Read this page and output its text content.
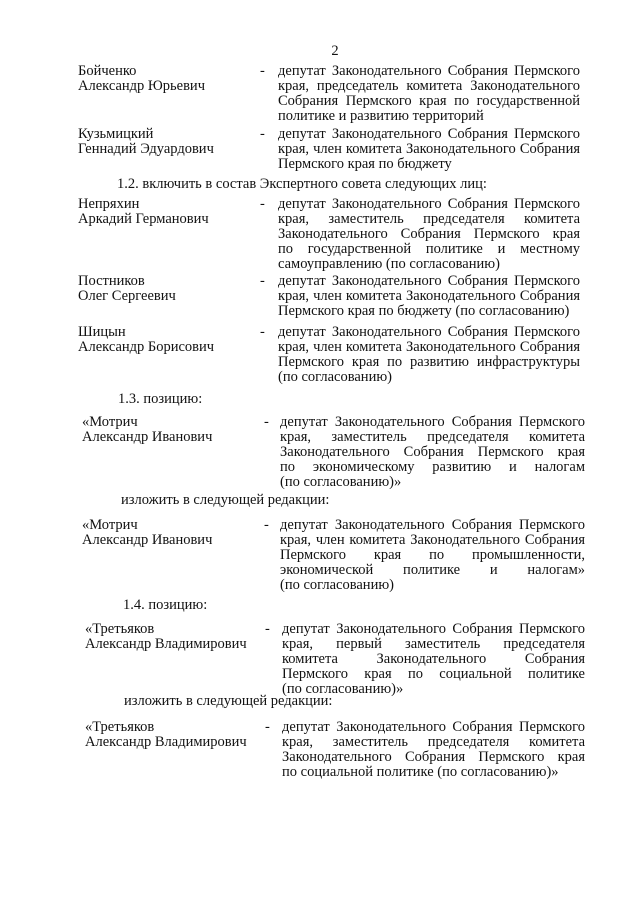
2
Бойченко
Александр Юрьевич
- депутат Законодательного Собрания Пермского
края, председатель комитета Законодательного
Собрания Пермского края по государственной
политике и развитию территорий
Кузьмицкий
Геннадий Эдуардович
- депутат Законодательного Собрания Пермского
края, член комитета Законодательного Собрания
Пермского края по бюджету
1.2. включить в состав Экспертного совета следующих лиц:
Непряхин
Аркадий Германович
- депутат Законодательного Собрания Пермского
края, заместитель председателя комитета
Законодательного Собрания Пермского края
по государственной политике и местному
самоуправлению (по согласованию)
Постников
Олег Сергеевич
- депутат Законодательного Собрания Пермского
края, член комитета Законодательного Собрания
Пермского края по бюджету (по согласованию)
Шицын
Александр Борисович
- депутат Законодательного Собрания Пермского
края, член комитета Законодательного Собрания
Пермского края по развитию инфраструктуры
(по согласованию)
1.3. позицию:
«Мотрич
Александр Иванович
- депутат Законодательного Собрания Пермского
края, заместитель председателя комитета
Законодательного Собрания Пермского края
по экономическому развитию и налогам
(по согласованию)»
изложить в следующей редакции:
«Мотрич
Александр Иванович
- депутат Законодательного Собрания Пермского
края, член комитета Законодательного Собрания
Пермского края по промышленности,
экономической политике и налогам»
(по согласованию)
1.4. позицию:
«Третьяков
Александр Владимирович
- депутат Законодательного Собрания Пермского
края, первый заместитель председателя
комитета Законодательного Собрания
Пермского края по социальной политике
(по согласованию)»
изложить в следующей редакции:
«Третьяков
Александр Владимирович
- депутат Законодательного Собрания Пермского
края, заместитель председателя комитета
Законодательного Собрания Пермского края
по социальной политике (по согласованию)»
